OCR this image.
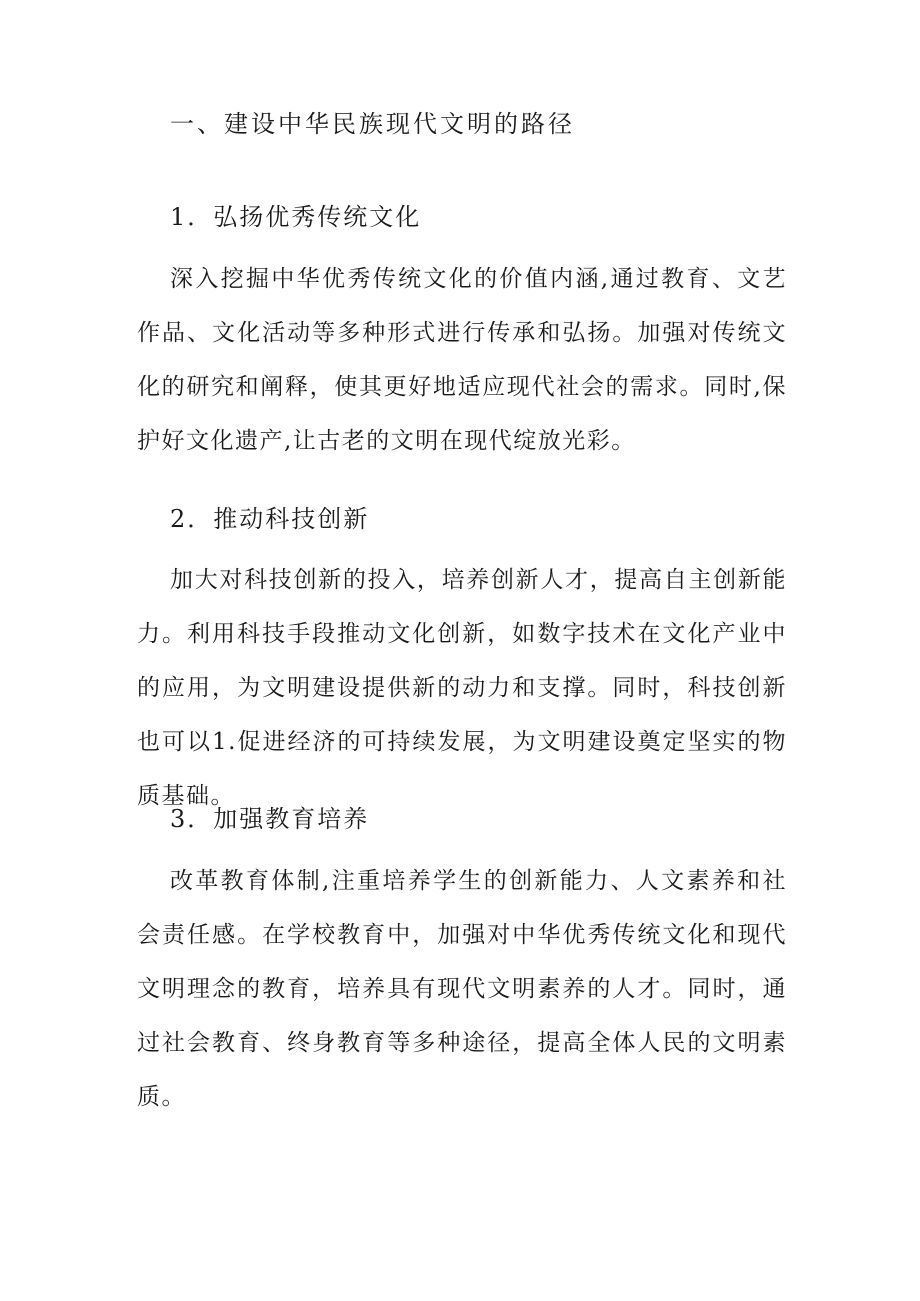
一、建设中华民族现代文明的路径
1．弘扬优秀传统文化
深入挖掘中华优秀传统文化的价值内涵,通过教育、文艺作品、文化活动等多种形式进行传承和弘扬。加强对传统文化的研究和阐释，使其更好地适应现代社会的需求。同时,保护好文化遗产,让古老的文明在现代绽放光彩。
2．推动科技创新
加大对科技创新的投入，培养创新人才，提高自主创新能力。利用科技手段推动文化创新，如数字技术在文化产业中的应用，为文明建设提供新的动力和支撑。同时，科技创新也可以1.促进经济的可持续发展，为文明建设奠定坚实的物质基础。
3．加强教育培养
改革教育体制,注重培养学生的创新能力、人文素养和社会责任感。在学校教育中，加强对中华优秀传统文化和现代文明理念的教育，培养具有现代文明素养的人才。同时，通过社会教育、终身教育等多种途径，提高全体人民的文明素质。
